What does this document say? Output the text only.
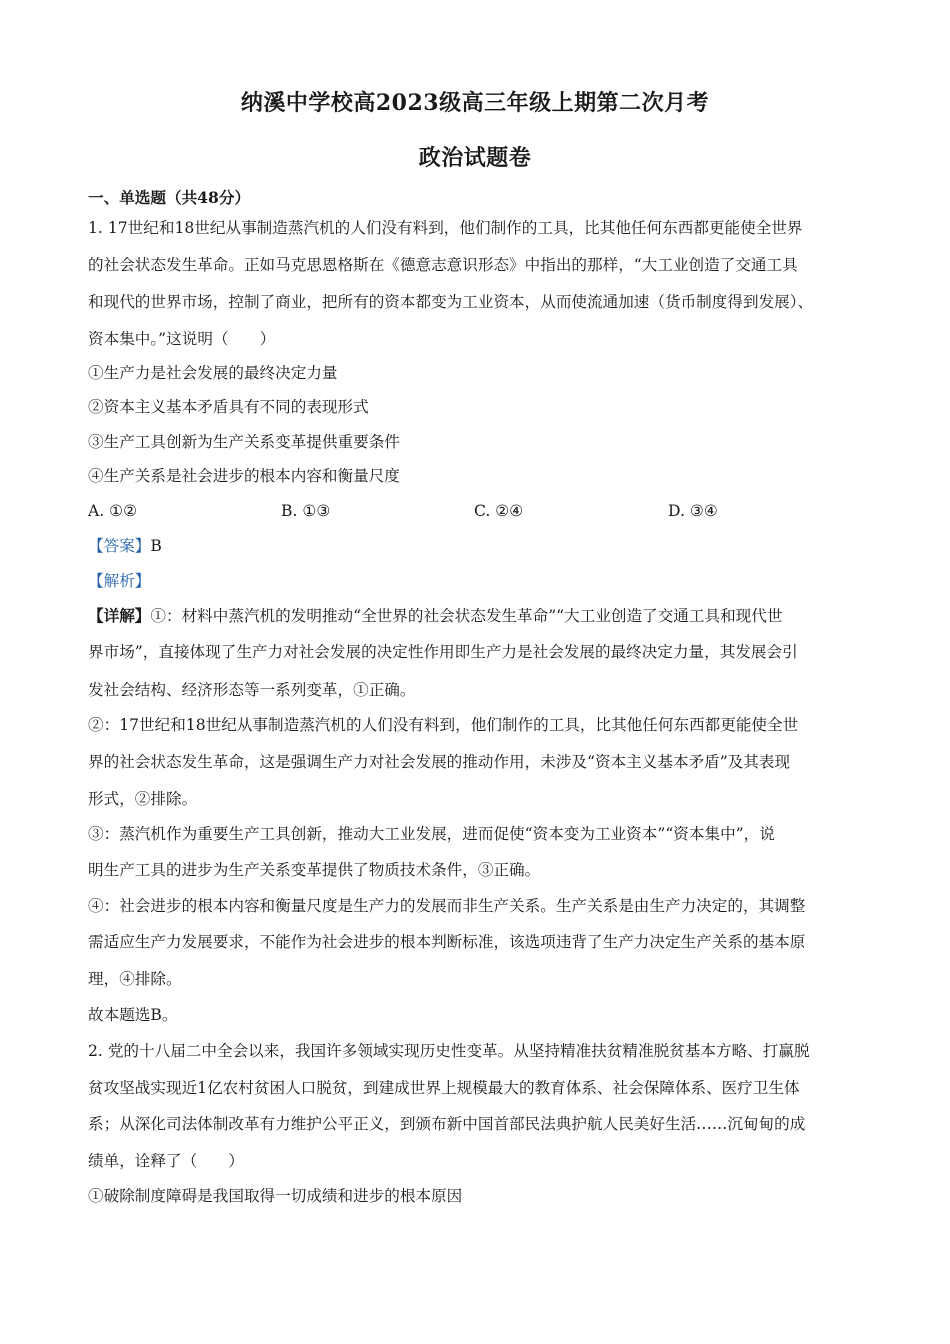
纳溪中学校高2023级高三年级上期第二次月考
政治试题卷
一、单选题（共48分）
1. 17世纪和18世纪从事制造蒸汽机的人们没有料到，他们制作的工具，比其他任何东西都更能使全世界
的社会状态发生革命。正如马克思恩格斯在《德意志意识形态》中指出的那样，“大工业创造了交通工具
和现代的世界市场，控制了商业，把所有的资本都变为工业资本，从而使流通加速（货币制度得到发展）、
资本集中。”这说明（　　）
①生产力是社会发展的最终决定力量
②资本主义基本矛盾具有不同的表现形式
③生产工具创新为生产关系变革提供重要条件
④生产关系是社会进步的根本内容和衡量尺度
A. ①②	B. ①③	C. ②④	D. ③④
【答案】B
【解析】
【详解】①：材料中蒸汽机的发明推动“全世界的社会状态发生革命”“大工业创造了交通工具和现代世
界市场”，直接体现了生产力对社会发展的决定性作用即生产力是社会发展的最终决定力量，其发展会引
发社会结构、经济形态等一系列变革，①正确。
②：17世纪和18世纪从事制造蒸汽机的人们没有料到，他们制作的工具，比其他任何东西都更能使全世
界的社会状态发生革命，这是强调生产力对社会发展的推动作用，未涉及“资本主义基本矛盾”及其表现
形式，②排除。
③：蒸汽机作为重要生产工具创新，推动大工业发展，进而促使“资本变为工业资本”“资本集中”，说
明生产工具的进步为生产关系变革提供了物质技术条件，③正确。
④：社会进步的根本内容和衡量尺度是生产力的发展而非生产关系。生产关系是由生产力决定的，其调整
需适应生产力发展要求，不能作为社会进步的根本判断标准，该选项违背了生产力决定生产关系的基本原
理，④排除。
故本题选B。
2. 党的十八届二中全会以来，我国许多领域实现历史性变革。从坚持精准扶贫精准脱贫基本方略、打赢脱
贫攻坚战实现近1亿农村贫困人口脱贫，到建成世界上规模最大的教育体系、社会保障体系、医疗卫生体
系；从深化司法体制改革有力维护公平正义，到颁布新中国首部民法典护航人民美好生活……沉甸甸的成
绩单，诠释了（　　）
①破除制度障碍是我国取得一切成绩和进步的根本原因
